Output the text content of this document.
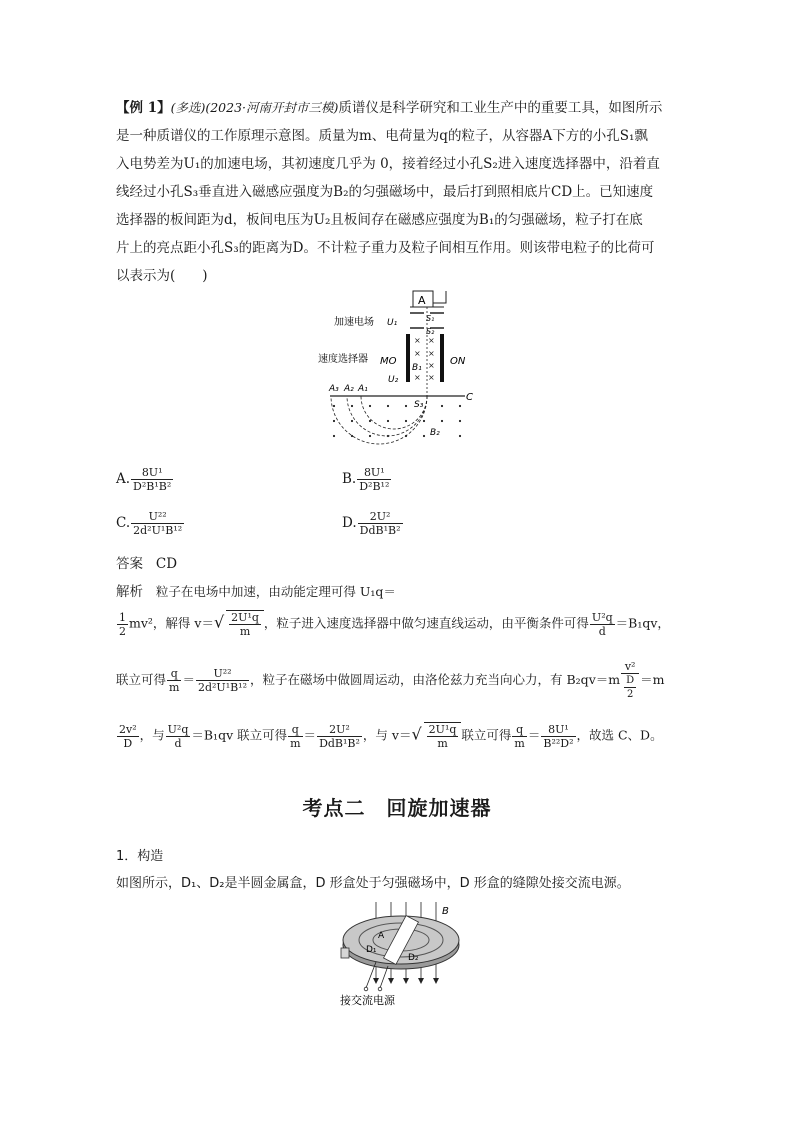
【例 1】(多选)(2023·河南开封市三模)质谱仪是科学研究和工业生产中的重要工具，如图所示
是一种质谱仪的工作原理示意图。质量为m、电荷量为q的粒子，从容器A下方的小孔S₁飘
入电势差为U₁的加速电场，其初速度几乎为 0，接着经过小孔S₂进入速度选择器中，沿着直
线经过小孔S₃垂直进入磁感应强度为B₂的匀强磁场中，最后打到照相底片CD上。已知速度
选择器的板间距为d，板间电压为U₂且板间存在磁感应强度为B₁的匀强磁场，粒子打在底
片上的亮点距小孔S₃的距离为D。不计粒子重力及粒子间相互作用。则该带电粒子的比荷可
以表示为(　　)
A
加速电场 U₁	S₁
S₂
速度选择器 MO	ON
B₁
U₂
× ×
× ×
×
× ×
A₃ A₂ A₁
C
S₃
B₂
A. $\frac{\text{8U¹}}{\text{D²B¹B²}}$	B. $\frac{\text{8U¹}}{\text{D²B¹²}}$
C. $\frac{\text{U²²}}{\text{2d²U¹B¹²}}$	D. $\frac{\text{2U²}}{\text{DdB¹B²}}$
答案 CD
解析 粒子在电场中加速，由动能定理可得 U₁q＝
$\frac{1}{2} mv^2$，解得 $v=√ \frac{\text{2U¹q}}{m}$ ，粒子进入速度选择器中做匀速直线运动，由平衡条件可得 $\frac{\text{U²q}}{d} =B_1qv$，
联立可得 $\frac{q}{m} = \frac{\text{U²²}}{\text{2d²U¹B¹²}}$ ，粒子在磁场中做圆周运动，由洛伦兹力充当向心力，有 $B_2qv=m \frac{\text{v²}}{\frac{D}{2}} =m$
$\frac{\text{2v²}}{D}$ ，与 $\frac{\text{U²q}}{d} =B_1qv$ 联立可得 $\frac{q}{m} = \frac{\text{2U²}}{\text{DdB¹B²}}$ ，与 $v=√ \frac{\text{2U¹q}}{m}$ 联立可得 $\frac{q}{m} = \frac{\text{8U¹}}{\text{B²²D²}}$ ，故选 C、D。
考点二　回旋加速器
1．构造
如图所示，D₁、D₂是半圆金属盒，D 形盒处于匀强磁场中，D 形盒的缝隙处接交流电源。
B
A
D₁
D₂
接交流电源
